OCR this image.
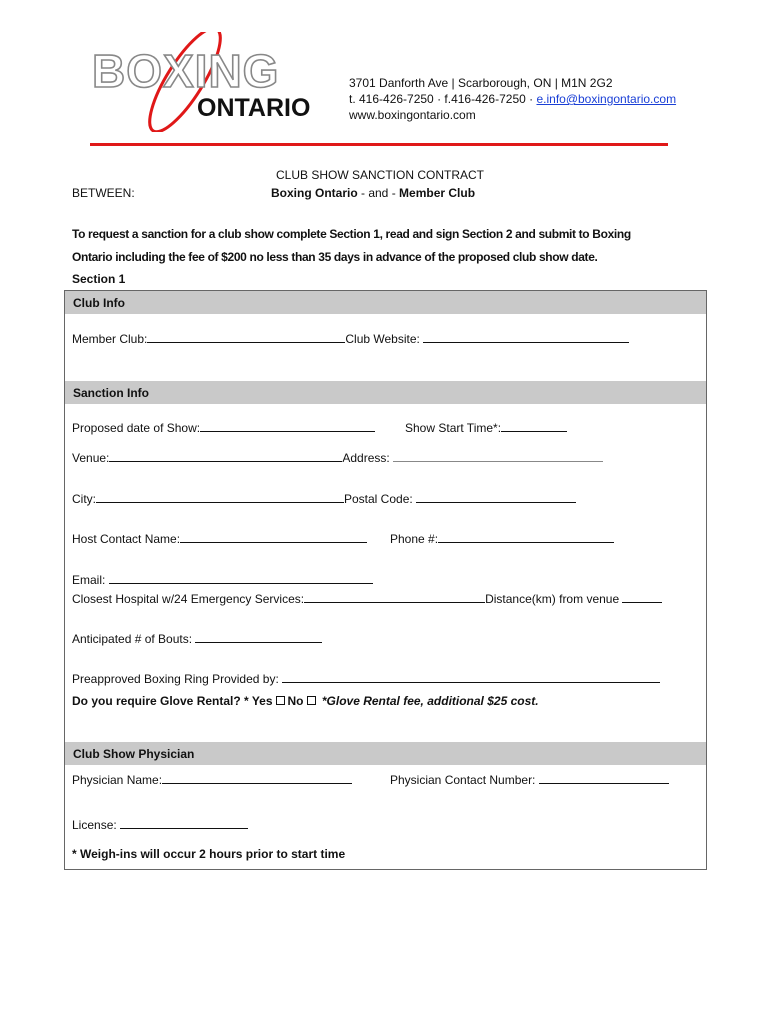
BOXING
ONTARIO
3701 Danforth Ave | Scarborough, ON | M1N 2G2
t. 416-426-7250 · f.416-426-7250 · e.info@boxingontario.com
www.boxingontario.com
CLUB SHOW SANCTION CONTRACT
BETWEEN:	Boxing Ontario - and - Member Club
To request a sanction for a club show complete Section 1, read and sign Section 2 and submit to Boxing
Ontario including the fee of $200 no less than 35 days in advance of the proposed club show date.
Section 1
Club Info
Member Club:	Club Website:
Sanction Info
Proposed date of Show:	Show Start Time*:
Venue:	Address:
City:	Postal Code:
Host Contact Name:	Phone #:
Email:
Closest Hospital w/24 Emergency Services:	Distance(km) from venue
Anticipated # of Bouts:
Preapproved Boxing Ring Provided by:
Do you require Glove Rental? * Yes No *Glove Rental fee, additional $25 cost.
Club Show Physician
Physician Name:	Physician Contact Number:
License:
* Weigh-ins will occur 2 hours prior to start time
